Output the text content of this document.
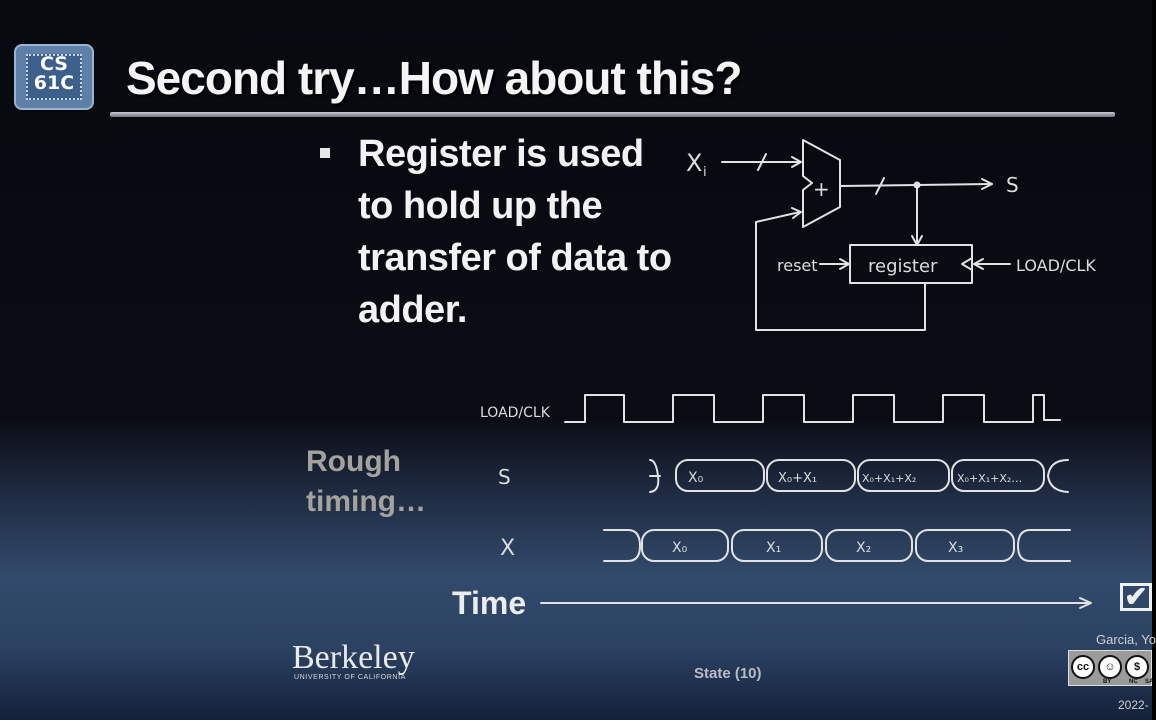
CS
61C Second try…How about this?
Register is used to hold up the transfer of data to adder.
X i
+	S
register
reset	LOAD/CLK
LOAD/CLK
S
X
X₀	X₀+X₁	X₀+X₁+X₂	X₀+X₁+X₂…
X₀	X₁	X₂	X₃
Rough timing…
Time	✔
Berkeley
UNIVERSITY OF CALIFORNIA	State (10)
Garcia, Yo
cc	☺	$
BY	NC SA
2022-
